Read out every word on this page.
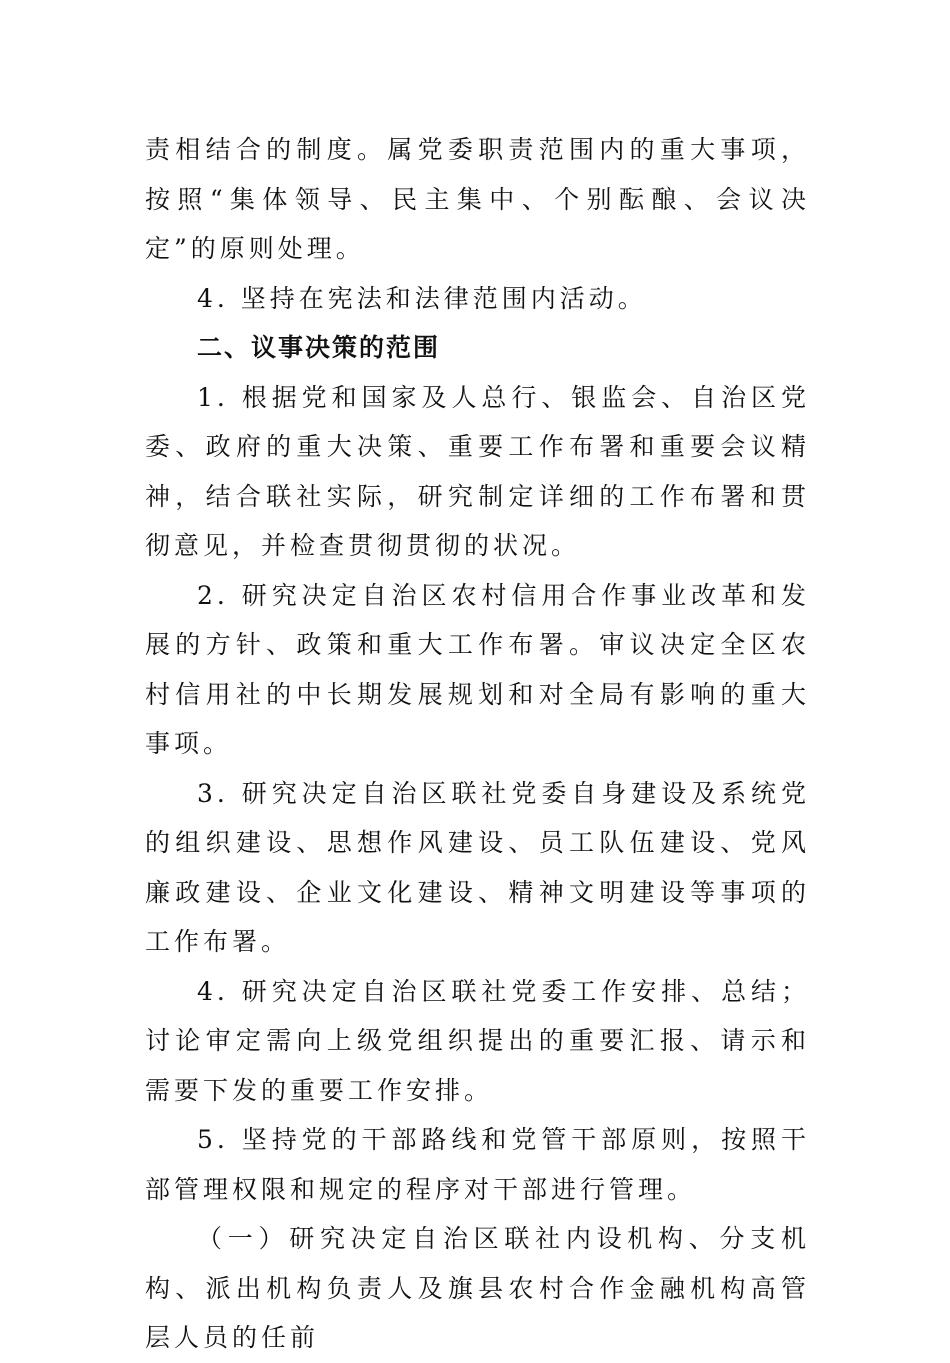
责相结合的制度。属党委职责范围内的重大事项，按照“集体领导、民主集中、个别酝酿、会议决定”的原则处理。

4. 坚持在宪法和法律范围内活动。

二、议事决策的范围

1. 根据党和国家及人总行、银监会、自治区党委、政府的重大决策、重要工作布署和重要会议精神，结合联社实际，研究制定详细的工作布署和贯彻意见，并检查贯彻贯彻的状况。

2. 研究决定自治区农村信用合作事业改革和发展的方针、政策和重大工作布署。审议决定全区农村信用社的中长期发展规划和对全局有影响的重大事项。

3. 研究决定自治区联社党委自身建设及系统党的组织建设、思想作风建设、员工队伍建设、党风廉政建设、企业文化建设、精神文明建设等事项的工作布署。

4. 研究决定自治区联社党委工作安排、总结；讨论审定需向上级党组织提出的重要汇报、请示和需要下发的重要工作安排。

5. 坚持党的干部路线和党管干部原则，按照干部管理权限和规定的程序对干部进行管理。

（一）研究决定自治区联社内设机构、分支机构、派出机构负责人及旗县农村合作金融机构高管层人员的任前
